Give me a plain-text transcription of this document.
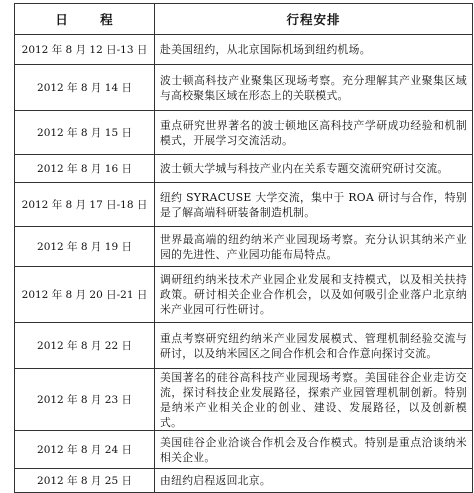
日 程	行程安排
2012 年 8 月 12 日-13 日	赴美国纽约，从北京国际机场到纽约机场。
2012 年 8 月 14 日	波士顿高科技产业聚集区现场考察。充分理解其产业聚集区域与高校聚集区域在形态上的关联模式。
2012 年 8 月 15 日	重点研究世界著名的波士顿地区高科技产学研成功经验和机制模式，开展学习交流活动。
2012 年 8 月 16 日	波士顿大学城与科技产业内在关系专题交流研究研讨交流。
2012 年 8 月 17 日-18 日	纽约 SYRACUSE 大学交流，集中于 ROA 研讨与合作，特别是了解高端科研装备制造机制。
2012 年 8 月 19 日	世界最高端的纽约纳米产业园现场考察。充分认识其纳米产业园的先进性、产业园功能布局特点。
2012 年 8 月 20 日-21 日	调研纽约纳米技术产业园企业发展和支持模式，以及相关扶持政策。研讨相关企业合作机会，以及如何吸引企业落户北京纳米产业园可行性研讨。
2012 年 8 月 22 日	重点考察研究纽约纳米产业园发展模式、管理机制经验交流与研讨，以及纳米园区之间合作机会和合作意向探讨交流。
2012 年 8 月 23 日	美国著名的硅谷高科技产业园现场考察。美国硅谷企业走访交流，探讨科技企业发展路径，探索产业园管理机制创新。特别是纳米产业相关企业的创业、建设、发展路径，以及创新模式。
2012 年 8 月 24 日	美国硅谷企业洽谈合作机会及合作模式。特别是重点洽谈纳米相关企业。
2012 年 8 月 25 日	由纽约启程返回北京。
